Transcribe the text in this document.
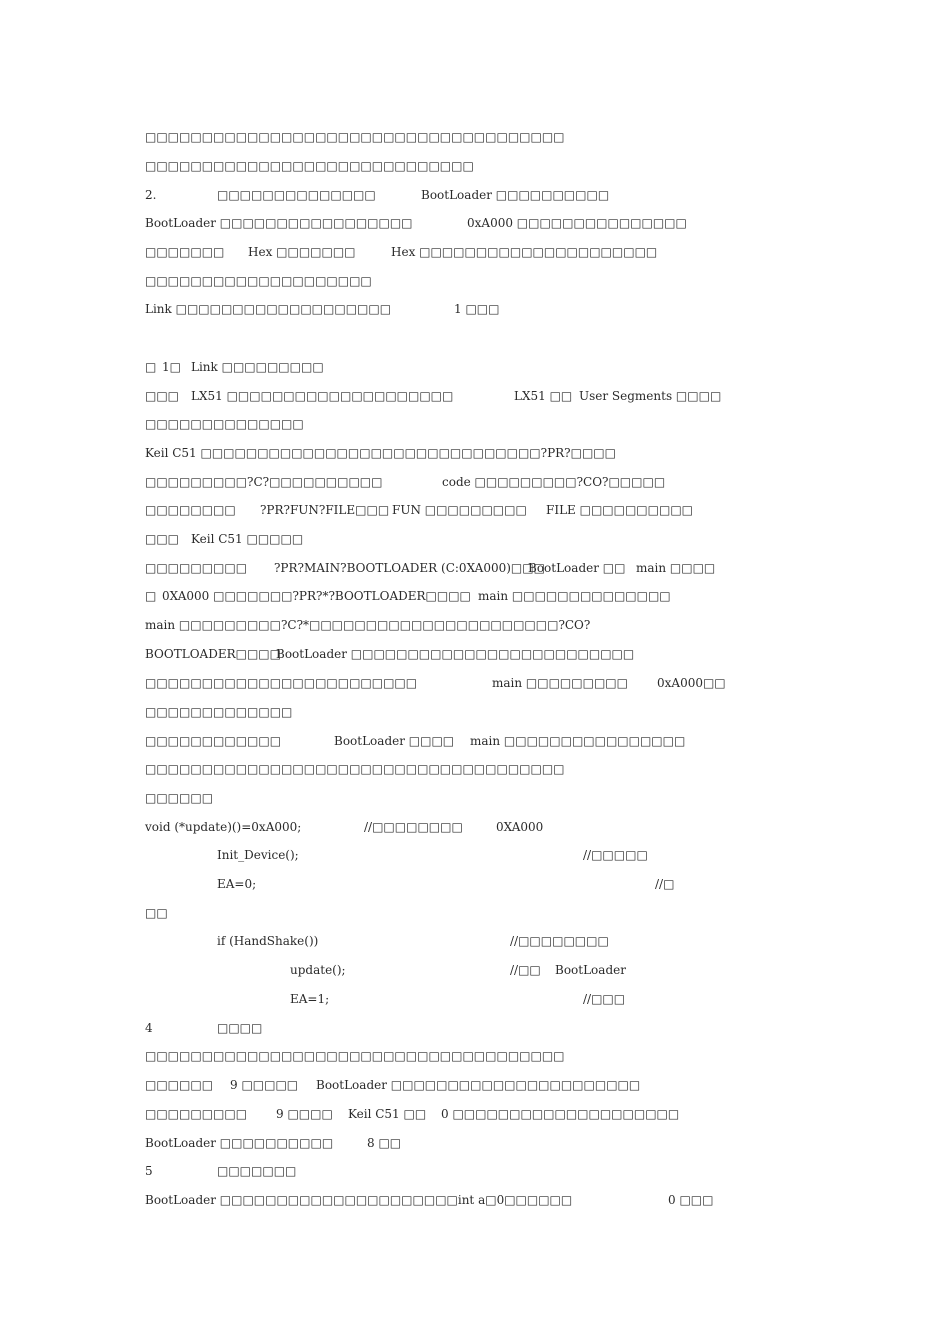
□□□□□□□□□□□□□□□□□□□□□□□□□□□□□□□□□□□□□
□□□□□□□□□□□□□□□□□□□□□□□□□□□□□
2.	□□□□□□□□□□□□□□	BootLoader □□□□□□□□□□
BootLoader □□□□□□□□□□□□□□□□□	0xA000 □□□□□□□□□□□□□□□
□□□□□□□ Hex □□□□□□□	Hex □□□□□□□□□□□□□□□□□□□□□
□□□□□□□□□□□□□□□□□□□□
Link □□□□□□□□□□□□□□□□□□□	1 □□□
□ 1□ Link □□□□□□□□□
□□□ LX51 □□□□□□□□□□□□□□□□□□□□	LX51 □□ User Segments □□□□
□□□□□□□□□□□□□□
Keil C51 □□□□□□□□□□□□□□□□□□□□□□□□□□□□□□?PR?□□□□
□□□□□□□□□?C?□□□□□□□□□□	code □□□□□□□□□?CO?□□□□□
□□□□□□□□ ?PR?FUN?FILE□□□ FUN □□□□□□□□□ FILE □□□□□□□□□□
□□□ Keil C51 □□□□□
□□□□□□□□□ ?PR?MAIN?BOOTLOADER (C:0XA000)□□□
BootLoader □□ main □□□□
□ 0XA000 □□□□□□□?PR?*?BOOTLOADER□□□□ main □□□□□□□□□□□□□□
main □□□□□□□□□?C?*□□□□□□□□□□□□□□□□□□□□□□?CO?
BOOTLOADER□□□□
BootLoader □□□□□□□□□□□□□□□□□□□□□□□□□
□□□□□□□□□□□□□□□□□□□□□□□□	main □□□□□□□□□ 0xA000□□
□□□□□□□□□□□□□
□□□□□□□□□□□□	BootLoader □□□□ main □□□□□□□□□□□□□□□□
□□□□□□□□□□□□□□□□□□□□□□□□□□□□□□□□□□□□□
□□□□□□
void (*update)()=0xA000;	//□□□□□□□□	0XA000
Init_Device();	//□□□□□
EA=0;	//□
□□
if (HandShake())	//□□□□□□□□
update();	//□□ BootLoader
EA=1;	//□□□
4	□□□□
□□□□□□□□□□□□□□□□□□□□□□□□□□□□□□□□□□□□□
□□□□□□ 9 □□□□□ BootLoader □□□□□□□□□□□□□□□□□□□□□□
□□□□□□□□□ 9 □□□□ Keil C51 □□ 0 □□□□□□□□□□□□□□□□□□□□
BootLoader □□□□□□□□□□	8 □□
5	□□□□□□□
BootLoader □□□□□□□□□□□□□□□□□□□□□int a□0□□□□□□	0 □□□
